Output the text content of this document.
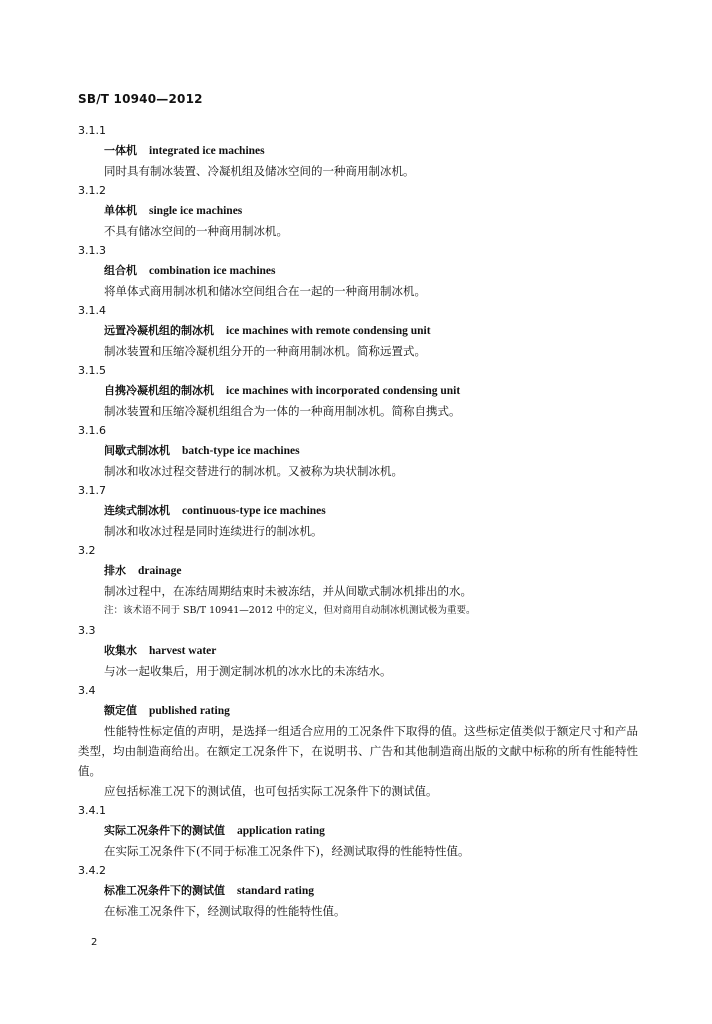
SB/T 10940—2012
3.1.1
一体机 integrated ice machines
同时具有制冰装置、冷凝机组及储冰空间的一种商用制冰机。
3.1.2
单体机 single ice machines
不具有储冰空间的一种商用制冰机。
3.1.3
组合机 combination ice machines
将单体式商用制冰机和储冰空间组合在一起的一种商用制冰机。
3.1.4
远置冷凝机组的制冰机 ice machines with remote condensing unit
制冰装置和压缩冷凝机组分开的一种商用制冰机。简称远置式。
3.1.5
自携冷凝机组的制冰机 ice machines with incorporated condensing unit
制冰装置和压缩冷凝机组组合为一体的一种商用制冰机。简称自携式。
3.1.6
间歇式制冰机 batch-type ice machines
制冰和收冰过程交替进行的制冰机。又被称为块状制冰机。
3.1.7
连续式制冰机 continuous-type ice machines
制冰和收冰过程是同时连续进行的制冰机。
3.2
排水 drainage
制冰过程中，在冻结周期结束时未被冻结，并从间歇式制冰机排出的水。
注：该术语不同于 SB/T 10941—2012 中的定义，但对商用自动制冰机测试极为重要。
3.3
收集水 harvest water
与冰一起收集后，用于测定制冰机的冰水比的未冻结水。
3.4
额定值 published rating

性能特性标定值的声明，是选择一组适合应用的工况条件下取得的值。这些标定值类似于额定尺寸和产品类型，均由制造商给出。在额定工况条件下，在说明书、广告和其他制造商出版的文献中标称的所有性能特性值。

应包括标准工况下的测试值，也可包括实际工况条件下的测试值。
3.4.1
实际工况条件下的测试值 application rating
在实际工况条件下(不同于标准工况条件下)，经测试取得的性能特性值。
3.4.2
标准工况条件下的测试值 standard rating
在标准工况条件下，经测试取得的性能特性值。
2
